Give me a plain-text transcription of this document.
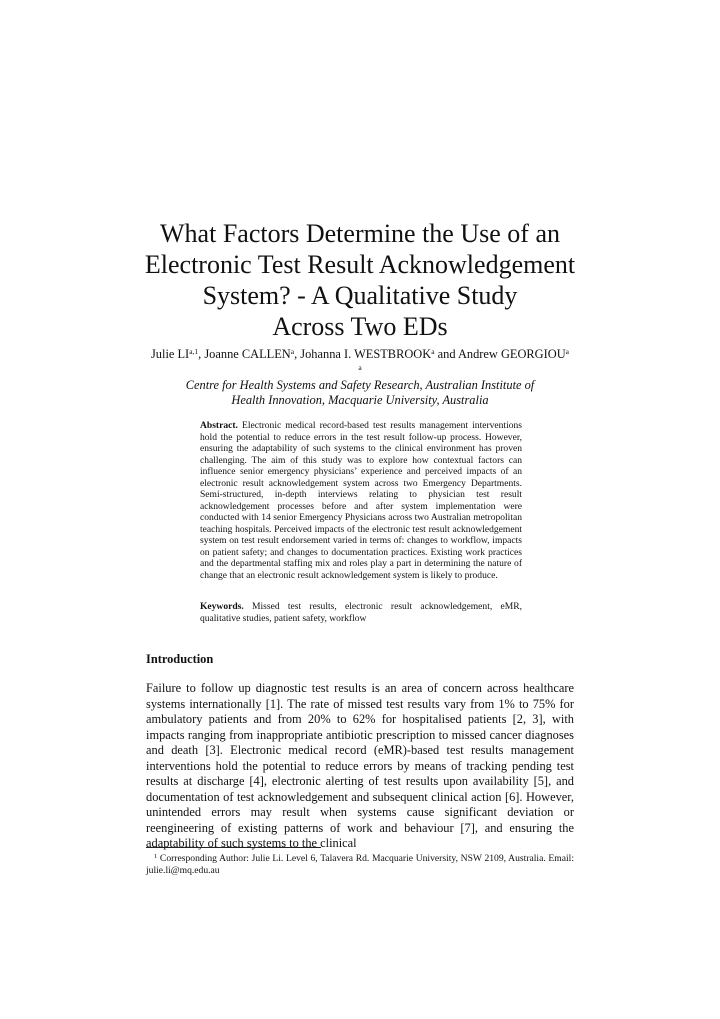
What Factors Determine the Use of an
Electronic Test Result Acknowledgement
System? - A Qualitative Study
Across Two EDs
Julie LI$^{a,1}$, Joanne CALLEN$^a$, Johanna I. WESTBROOK$^a$ and Andrew GEORGIOU$^a$
$^a$
Centre for Health Systems and Safety Research, Australian Institute of
Health Innovation, Macquarie University, Australia

Abstract. Electronic medical record-based test results management interventions hold the potential to reduce errors in the test result follow-up process. However, ensuring the adaptability of such systems to the clinical environment has proven challenging. The aim of this study was to explore how contextual factors can influence senior emergency physicians’ experience and perceived impacts of an electronic result acknowledgement system across two Emergency Departments. Semi-structured, in-depth interviews relating to physician test result acknowledgement processes before and after system implementation were conducted with 14 senior Emergency Physicians across two Australian metropolitan teaching hospitals. Perceived impacts of the electronic test result acknowledgement system on test result endorsement varied in terms of: changes to workflow, impacts on patient safety; and changes to documentation practices. Existing work practices and the departmental staffing mix and roles play a part in determining the nature of change that an electronic result acknowledgement system is likely to produce.

Keywords. Missed test results, electronic result acknowledgement, eMR, qualitative studies, patient safety, workflow

Introduction

Failure to follow up diagnostic test results is an area of concern across healthcare systems internationally [1]. The rate of missed test results vary from 1% to 75% for ambulatory patients and from 20% to 62% for hospitalised patients [2, 3], with impacts ranging from inappropriate antibiotic prescription to missed cancer diagnoses and death [3]. Electronic medical record (eMR)-based test results management interventions hold the potential to reduce errors by means of tracking pending test results at discharge [4], electronic alerting of test results upon availability [5], and documentation of test acknowledgement and subsequent clinical action [6]. However, unintended errors may result when systems cause significant deviation or reengineering of existing patterns of work and behaviour [7], and ensuring the adaptability of such systems to the clinical

$^1$ Corresponding Author: Julie Li. Level 6, Talavera Rd. Macquarie University, NSW 2109, Australia. Email: julie.li@mq.edu.au
